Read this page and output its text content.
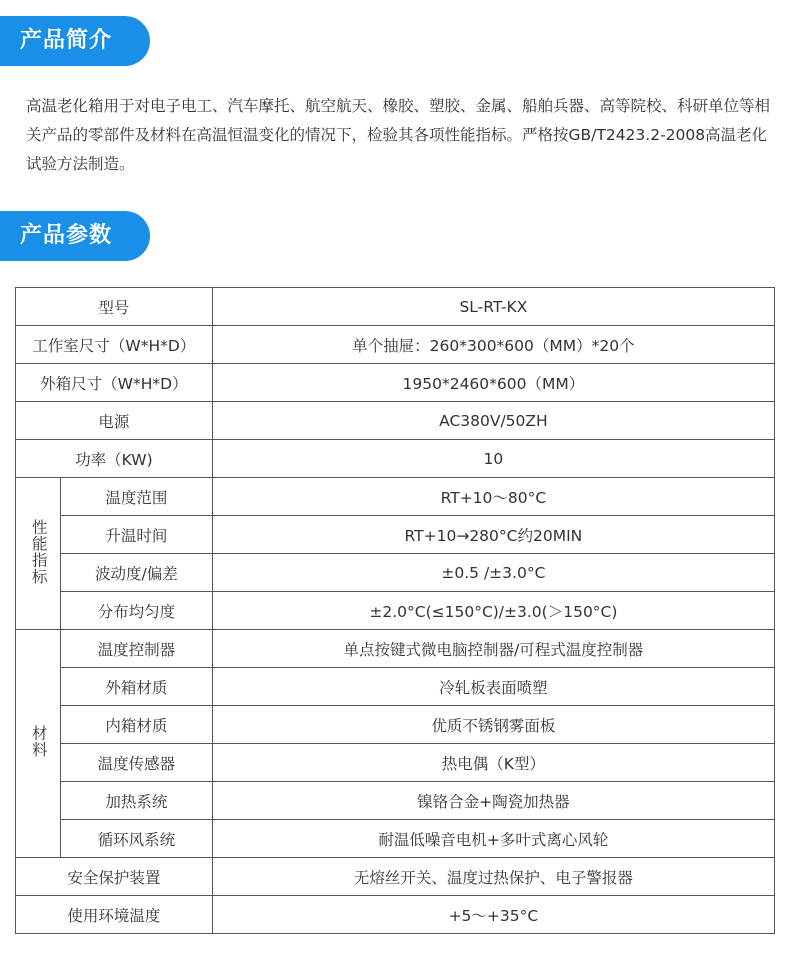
产品简介

高温老化箱用于对电子电工、汽车摩托、航空航天、橡胶、塑胶、金属、船舶兵器、高等院校、科研单位等相关产品的零部件及材料在高温恒温变化的情况下，检验其各项性能指标。严格按GB/T2423.2-2008高温老化试验方法制造。

产品参数
型号		SL-RT-KX
工作室尺寸（W*H*D）		单个抽屉：260*300*600（MM）*20个
外箱尺寸（W*H*D）		1950*2460*600（MM）
电源		AC380V/50ZH
功率（KW)		10
性能指标	温度范围	RT+10～80°C
	升温时间	RT+10→280°C约20MIN
	波动度/偏差	±0.5 /±3.0°C
	分布均匀度	±2.0°C(≤150°C)/±3.0(＞150°C)
材料	温度控制器	单点按键式微电脑控制器/可程式温度控制器
	外箱材质	冷轧板表面喷塑
	内箱材质	优质不锈钢雾面板
	温度传感器	热电偶（K型）
	加热系统	镍铬合金+陶瓷加热器
	循环风系统	耐温低噪音电机+多叶式离心风轮
安全保护装置		无熔丝开关、温度过热保护、电子警报器
使用环境温度		+5～+35°C
